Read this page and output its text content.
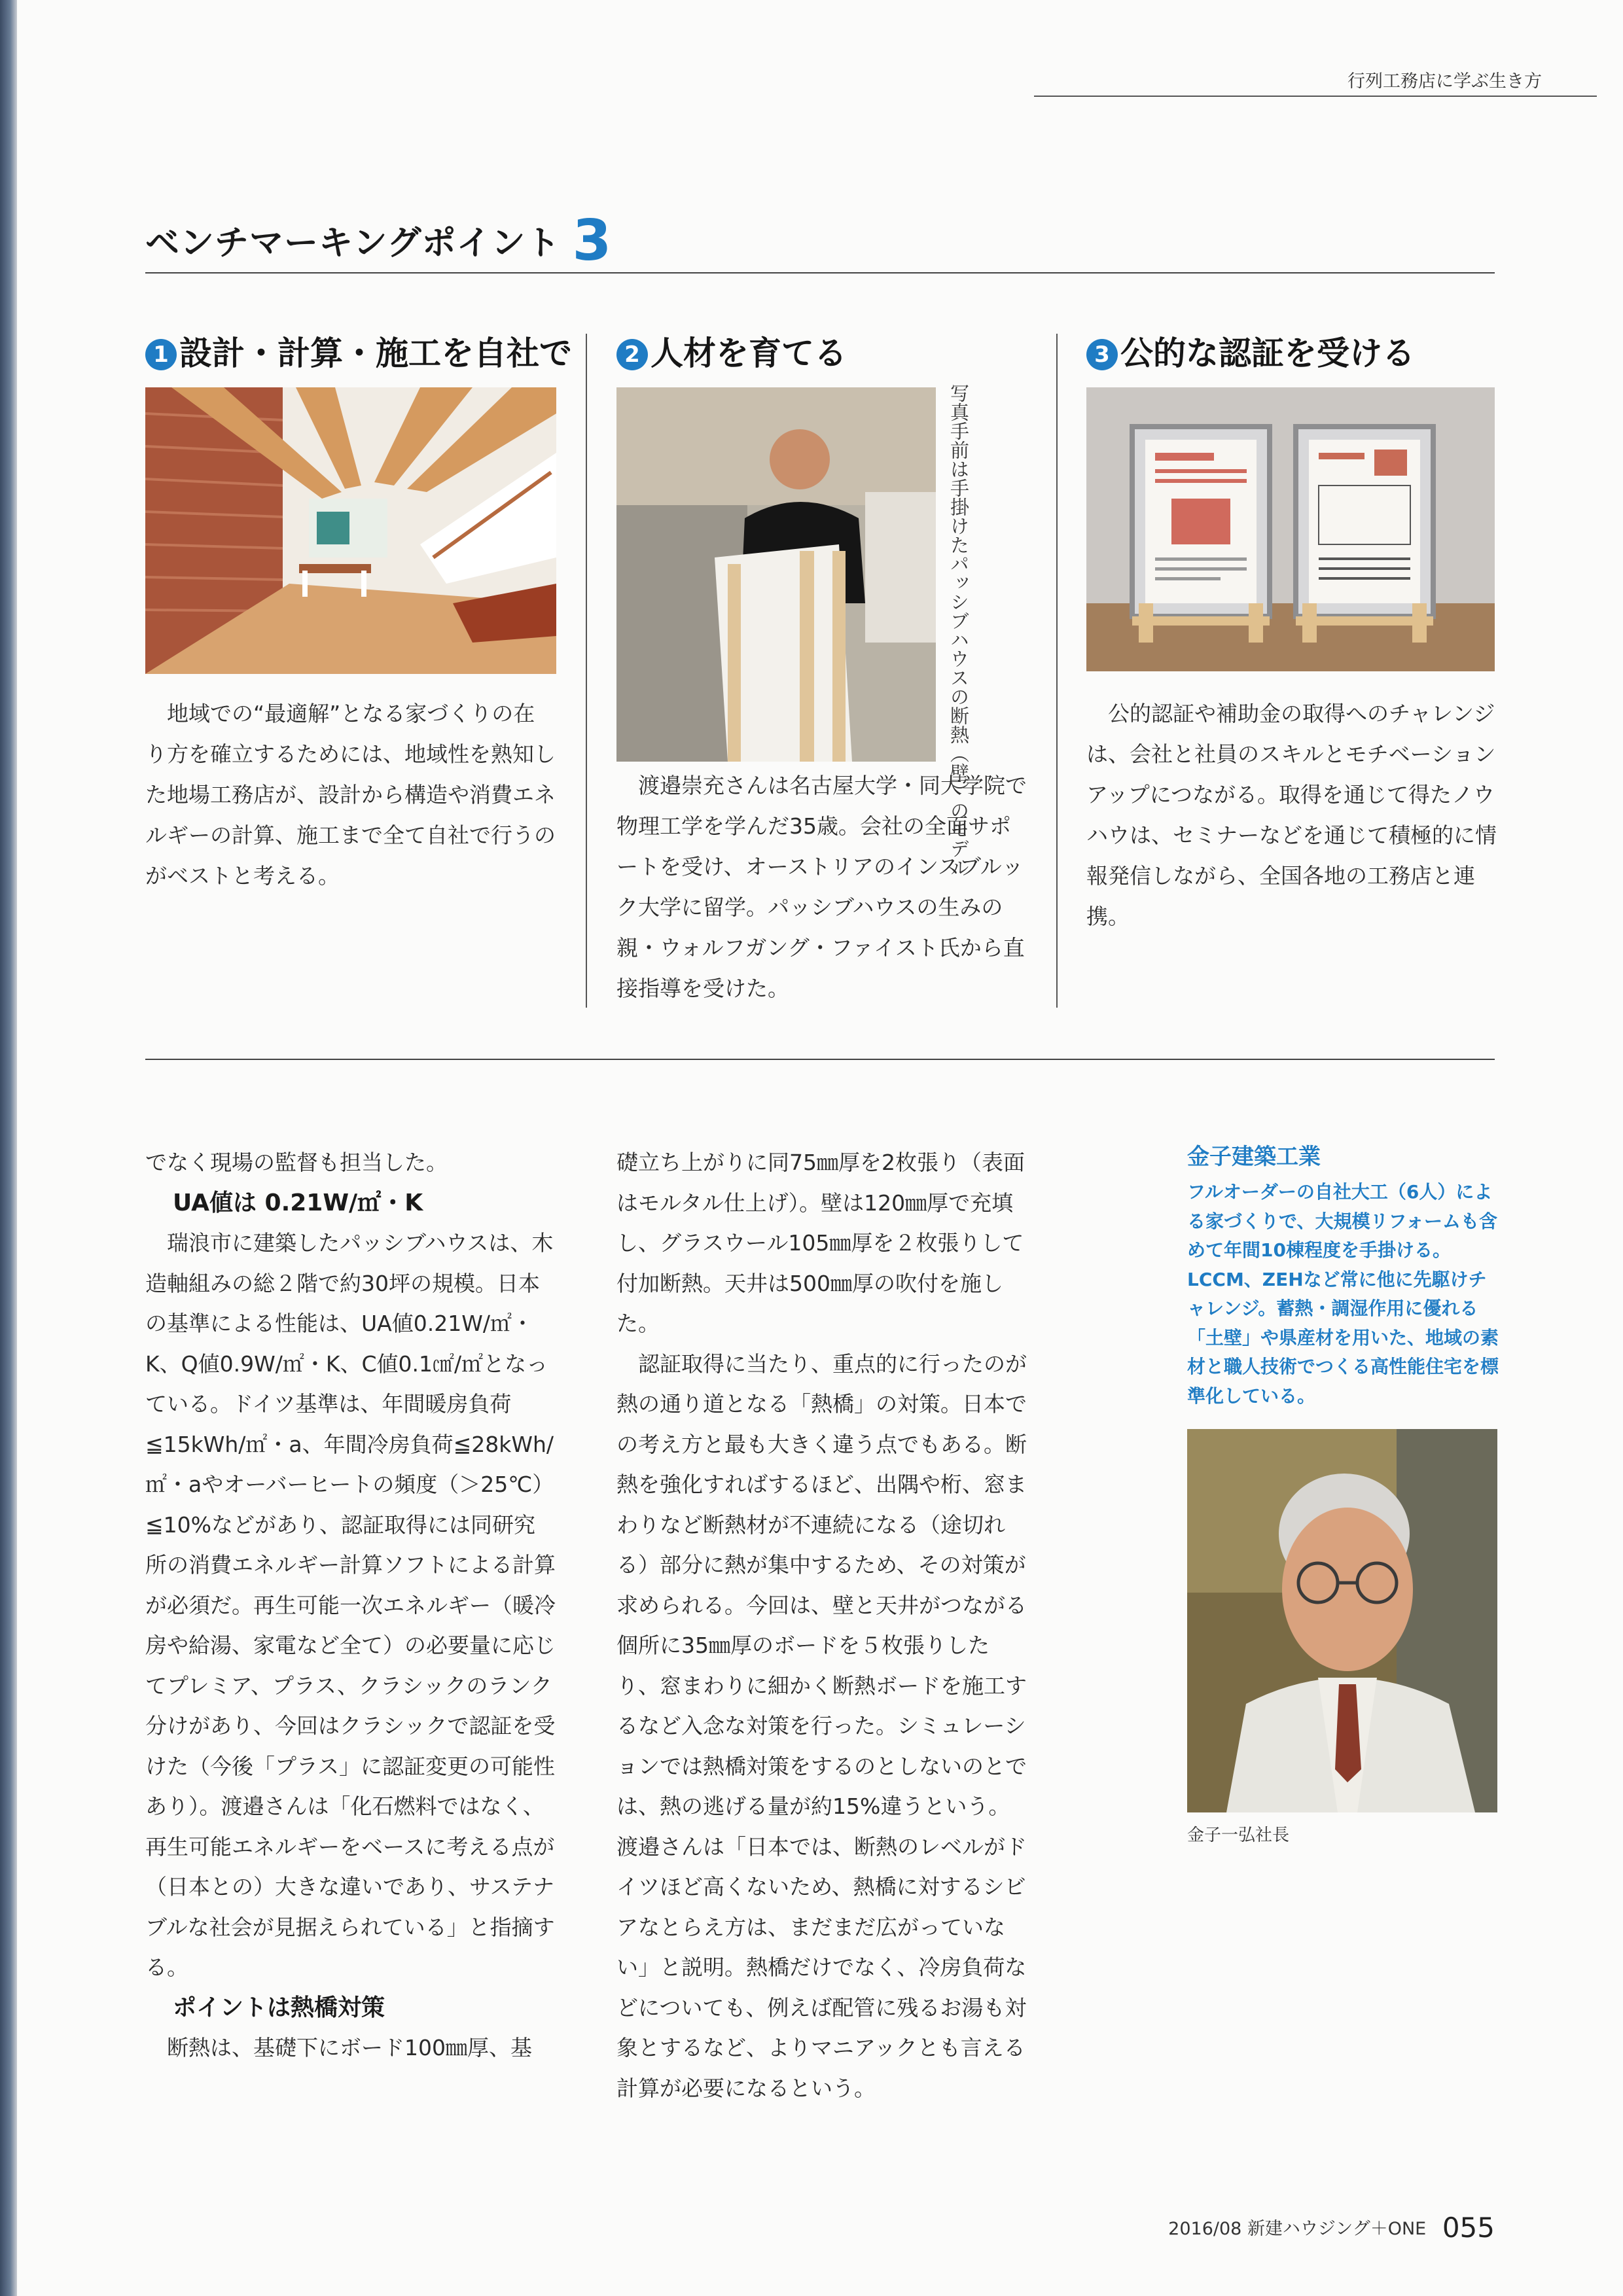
行列工務店に学ぶ生き方
ベンチマーキングポイント 3
1 設計・計算・施工を自社で
地域での“最適解”となる家づくりの在り方を確立するためには、地域性を熟知した地場工務店が、設計から構造や消費エネルギーの計算、施工まで全て自社で行うのがベストと考える。
2 人材を育てる
写真手前は手掛けたパッシブハウスの断熱（壁）のモデル
渡邉崇充さんは名古屋大学・同大学院で物理工学を学んだ35歳。会社の全面サポートを受け、オーストリアのインスブルック大学に留学。パッシブハウスの生みの親・ウォルフガング・ファイスト氏から直接指導を受けた。
3 公的な認証を受ける
公的認証や補助金の取得へのチャレンジは、会社と社員のスキルとモチベーションアップにつながる。取得を通じて得たノウハウは、セミナーなどを通じて積極的に情報発信しながら、全国各地の工務店と連携。

でなく現場の監督も担当した。

UA値は 0.21W/㎡・K

瑞浪市に建築したパッシブハウスは、木造軸組みの総２階で約30坪の規模。日本の基準による性能は、UA値0.21W/㎡・K、Q値0.9W/㎡・K、C値0.1㎠/㎡となっている。ドイツ基準は、年間暖房負荷≦15kWh/㎡・a、年間冷房負荷≦28kWh/㎡・aやオーバーヒートの頻度（＞25℃）≦10%などがあり、認証取得には同研究所の消費エネルギー計算ソフトによる計算が必須だ。再生可能一次エネルギー（暖冷房や給湯、家電など全て）の必要量に応じてプレミア、プラス、クラシックのランク分けがあり、今回はクラシックで認証を受けた（今後「プラス」に認証変更の可能性あり）。渡邉さんは「化石燃料ではなく、再生可能エネルギーをベースに考える点が（日本との）大きな違いであり、サステナブルな社会が見据えられている」と指摘する。

ポイントは熱橋対策

断熱は、基礎下にボード100㎜厚、基

礎立ち上がりに同75㎜厚を2枚張り（表面はモルタル仕上げ）。壁は120㎜厚で充填し、グラスウール105㎜厚を２枚張りして付加断熱。天井は500㎜厚の吹付を施した。

認証取得に当たり、重点的に行ったのが熱の通り道となる「熱橋」の対策。日本での考え方と最も大きく違う点でもある。断熱を強化すればするほど、出隅や桁、窓まわりなど断熱材が不連続になる（途切れる）部分に熱が集中するため、その対策が求められる。今回は、壁と天井がつながる個所に35㎜厚のボードを５枚張りしたり、窓まわりに細かく断熱ボードを施工するなど入念な対策を行った。シミュレーションでは熱橋対策をするのとしないのとでは、熱の逃げる量が約15%違うという。渡邉さんは「日本では、断熱のレベルがドイツほど高くないため、熱橋に対するシビアなとらえ方は、まだまだ広がっていない」と説明。熱橋だけでなく、冷房負荷などについても、例えば配管に残るお湯も対象とするなど、よりマニアックとも言える計算が必要になるという。

金子建築工業
フルオーダーの自社大工（6人）による家づくりで、大規模リフォームも含めて年間10棟程度を手掛ける。LCCM、ZEHなど常に他に先駆けチャレンジ。蓄熱・調湿作用に優れる「土壁」や県産材を用いた、地域の素材と職人技術でつくる高性能住宅を標準化している。
金子一弘社長
2016/08 新建ハウジング＋ONE 055
